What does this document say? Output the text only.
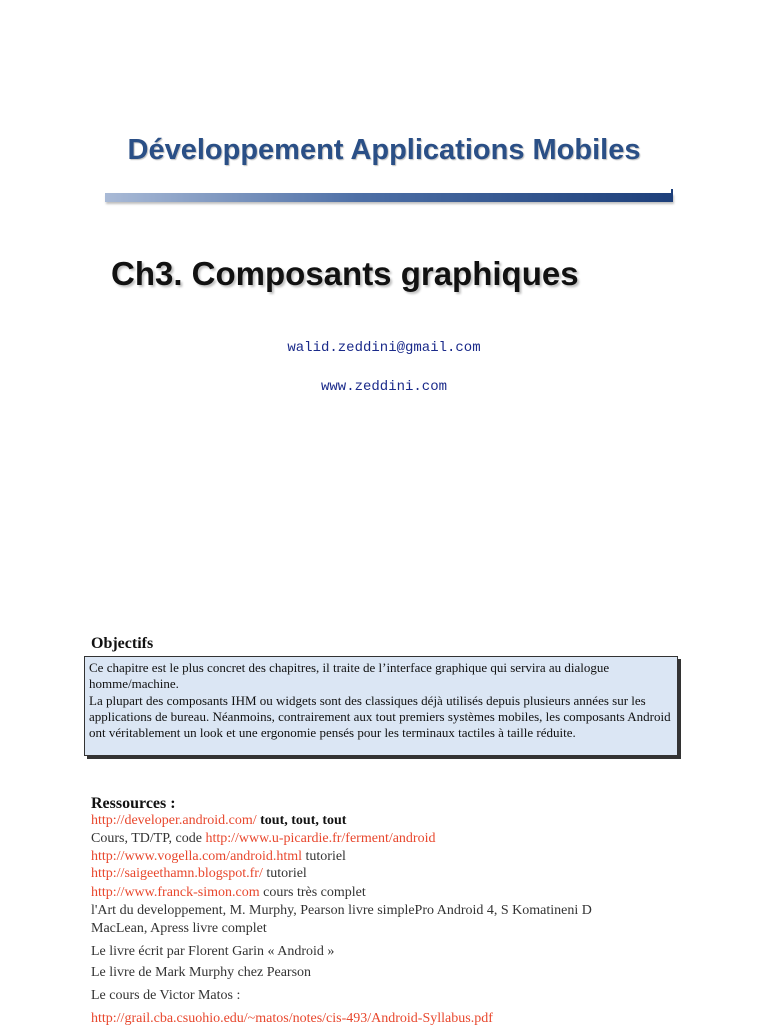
Développement Applications Mobiles
Ch3. Composants graphiques
walid.zeddini@gmail.com
www.zeddini.com
Objectifs

Ce chapitre est le plus concret des chapitres, il traite de l’interface graphique qui servira au dialogue homme/machine.

La plupart des composants IHM ou widgets sont des classiques déjà utilisés depuis plusieurs années sur les applications de bureau. Néanmoins, contrairement aux tout premiers systèmes mobiles, les composants Android ont véritablement un look et une ergonomie pensés pour les terminaux tactiles à taille réduite.

Ressources :
http://developer.android.com/ tout, tout, tout
Cours, TD/TP, code http://www.u-picardie.fr/ferment/android
http://www.vogella.com/android.html tutoriel
http://saigeethamn.blogspot.fr/ tutoriel
http://www.franck-simon.com cours très complet
l'Art du developpement, M. Murphy, Pearson livre simplePro Android 4, S Komatineni D
MacLean, Apress livre complet
Le livre écrit par Florent Garin « Android »
Le livre de Mark Murphy chez Pearson
Le cours de Victor Matos :
http://grail.cba.csuohio.edu/~matos/notes/cis-493/Android-Syllabus.pdf
